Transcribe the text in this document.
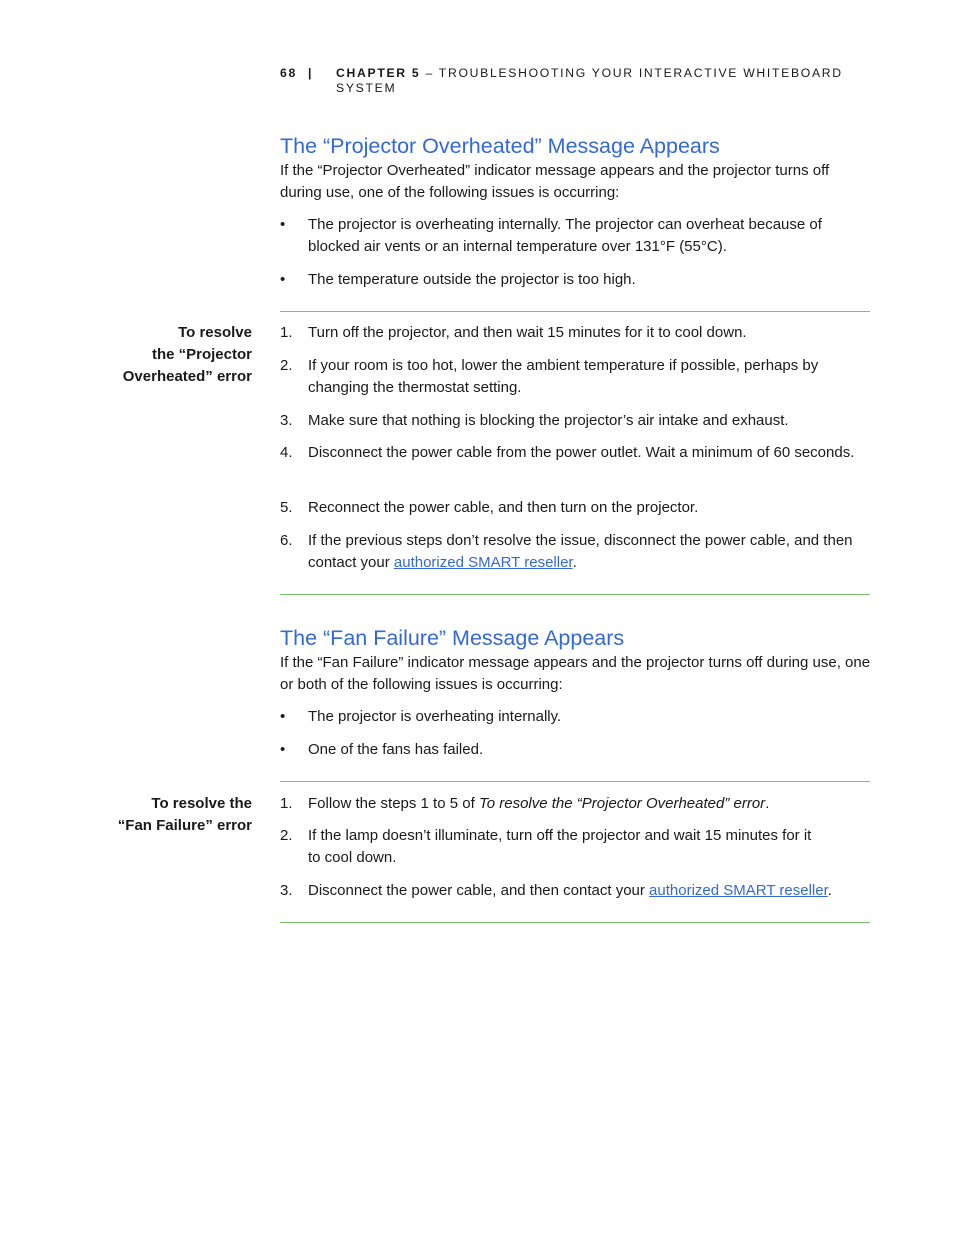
68 | CHAPTER 5 – TROUBLESHOOTING YOUR INTERACTIVE WHITEBOARD SYSTEM
The “Projector Overheated” Message Appears

If the “Projector Overheated” indicator message appears and the projector turns off during use, one of the following issues is occurring:

• The projector is overheating internally. The projector can overheat because of blocked air vents or an internal temperature over 131°F (55°C).
• The temperature outside the projector is too high.
To resolve
the “Projector
Overheated” error
1. Turn off the projector, and then wait 15 minutes for it to cool down.
2. If your room is too hot, lower the ambient temperature if possible, perhaps by changing the thermostat setting.
3. Make sure that nothing is blocking the projector’s air intake and exhaust.
4. Disconnect the power cable from the power outlet. Wait a minimum of 60 seconds.
5. Reconnect the power cable, and then turn on the projector.
6. If the previous steps don’t resolve the issue, disconnect the power cable, and then contact your authorized SMART reseller.
The “Fan Failure” Message Appears

If the “Fan Failure” indicator message appears and the projector turns off during use, one or both of the following issues is occurring:

• The projector is overheating internally.
• One of the fans has failed.
To resolve the
“Fan Failure” error
1. Follow the steps 1 to 5 of To resolve the “Projector Overheated” error.
2. If the lamp doesn’t illuminate, turn off the projector and wait 15 minutes for it
to cool down.
3. Disconnect the power cable, and then contact your authorized SMART reseller.
